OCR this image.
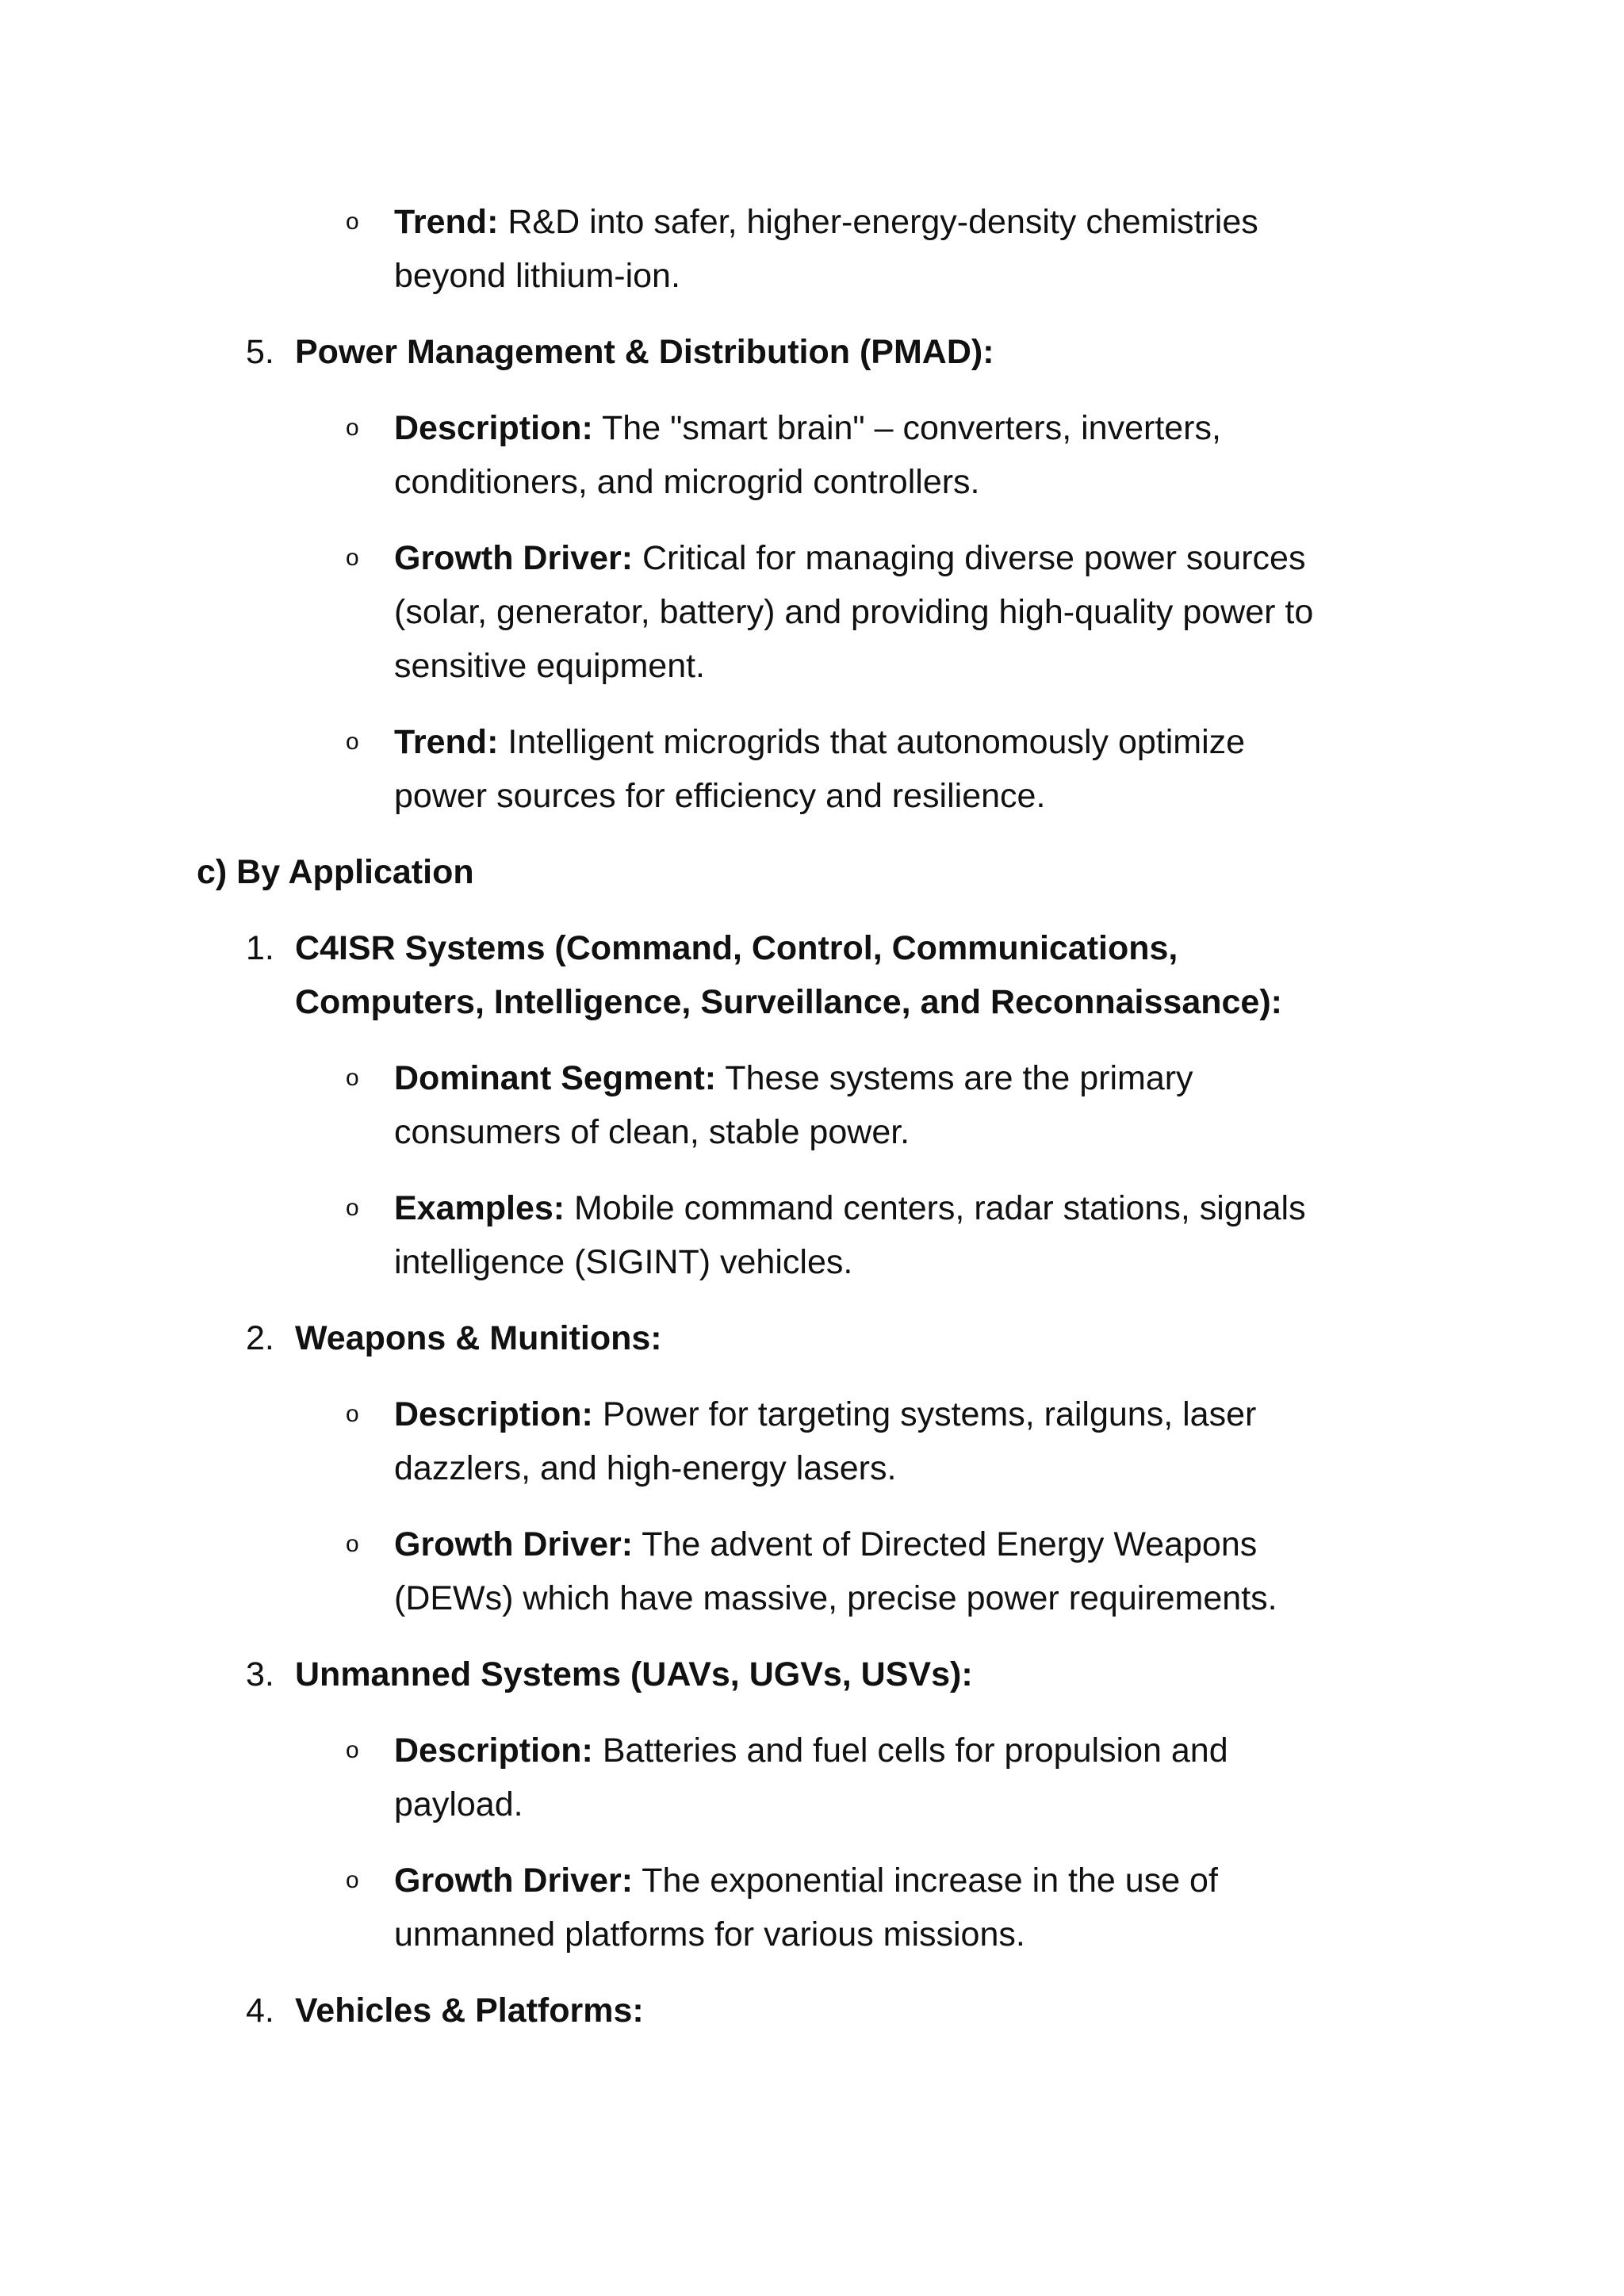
o Trend: R&D into safer, higher-energy-density chemistries
beyond lithium-ion.
5. Power Management & Distribution (PMAD):
o Description: The "smart brain" – converters, inverters,
conditioners, and microgrid controllers.
o Growth Driver: Critical for managing diverse power sources
(solar, generator, battery) and providing high-quality power to
sensitive equipment.
o Trend: Intelligent microgrids that autonomously optimize
power sources for efficiency and resilience.
c) By Application
1. C4ISR Systems (Command, Control, Communications,
Computers, Intelligence, Surveillance, and Reconnaissance):
o Dominant Segment: These systems are the primary
consumers of clean, stable power.
o Examples: Mobile command centers, radar stations, signals
intelligence (SIGINT) vehicles.
2. Weapons & Munitions:
o Description: Power for targeting systems, railguns, laser
dazzlers, and high-energy lasers.
o Growth Driver: The advent of Directed Energy Weapons
(DEWs) which have massive, precise power requirements.
3. Unmanned Systems (UAVs, UGVs, USVs):
o Description: Batteries and fuel cells for propulsion and
payload.
o Growth Driver: The exponential increase in the use of
unmanned platforms for various missions.
4. Vehicles & Platforms:
